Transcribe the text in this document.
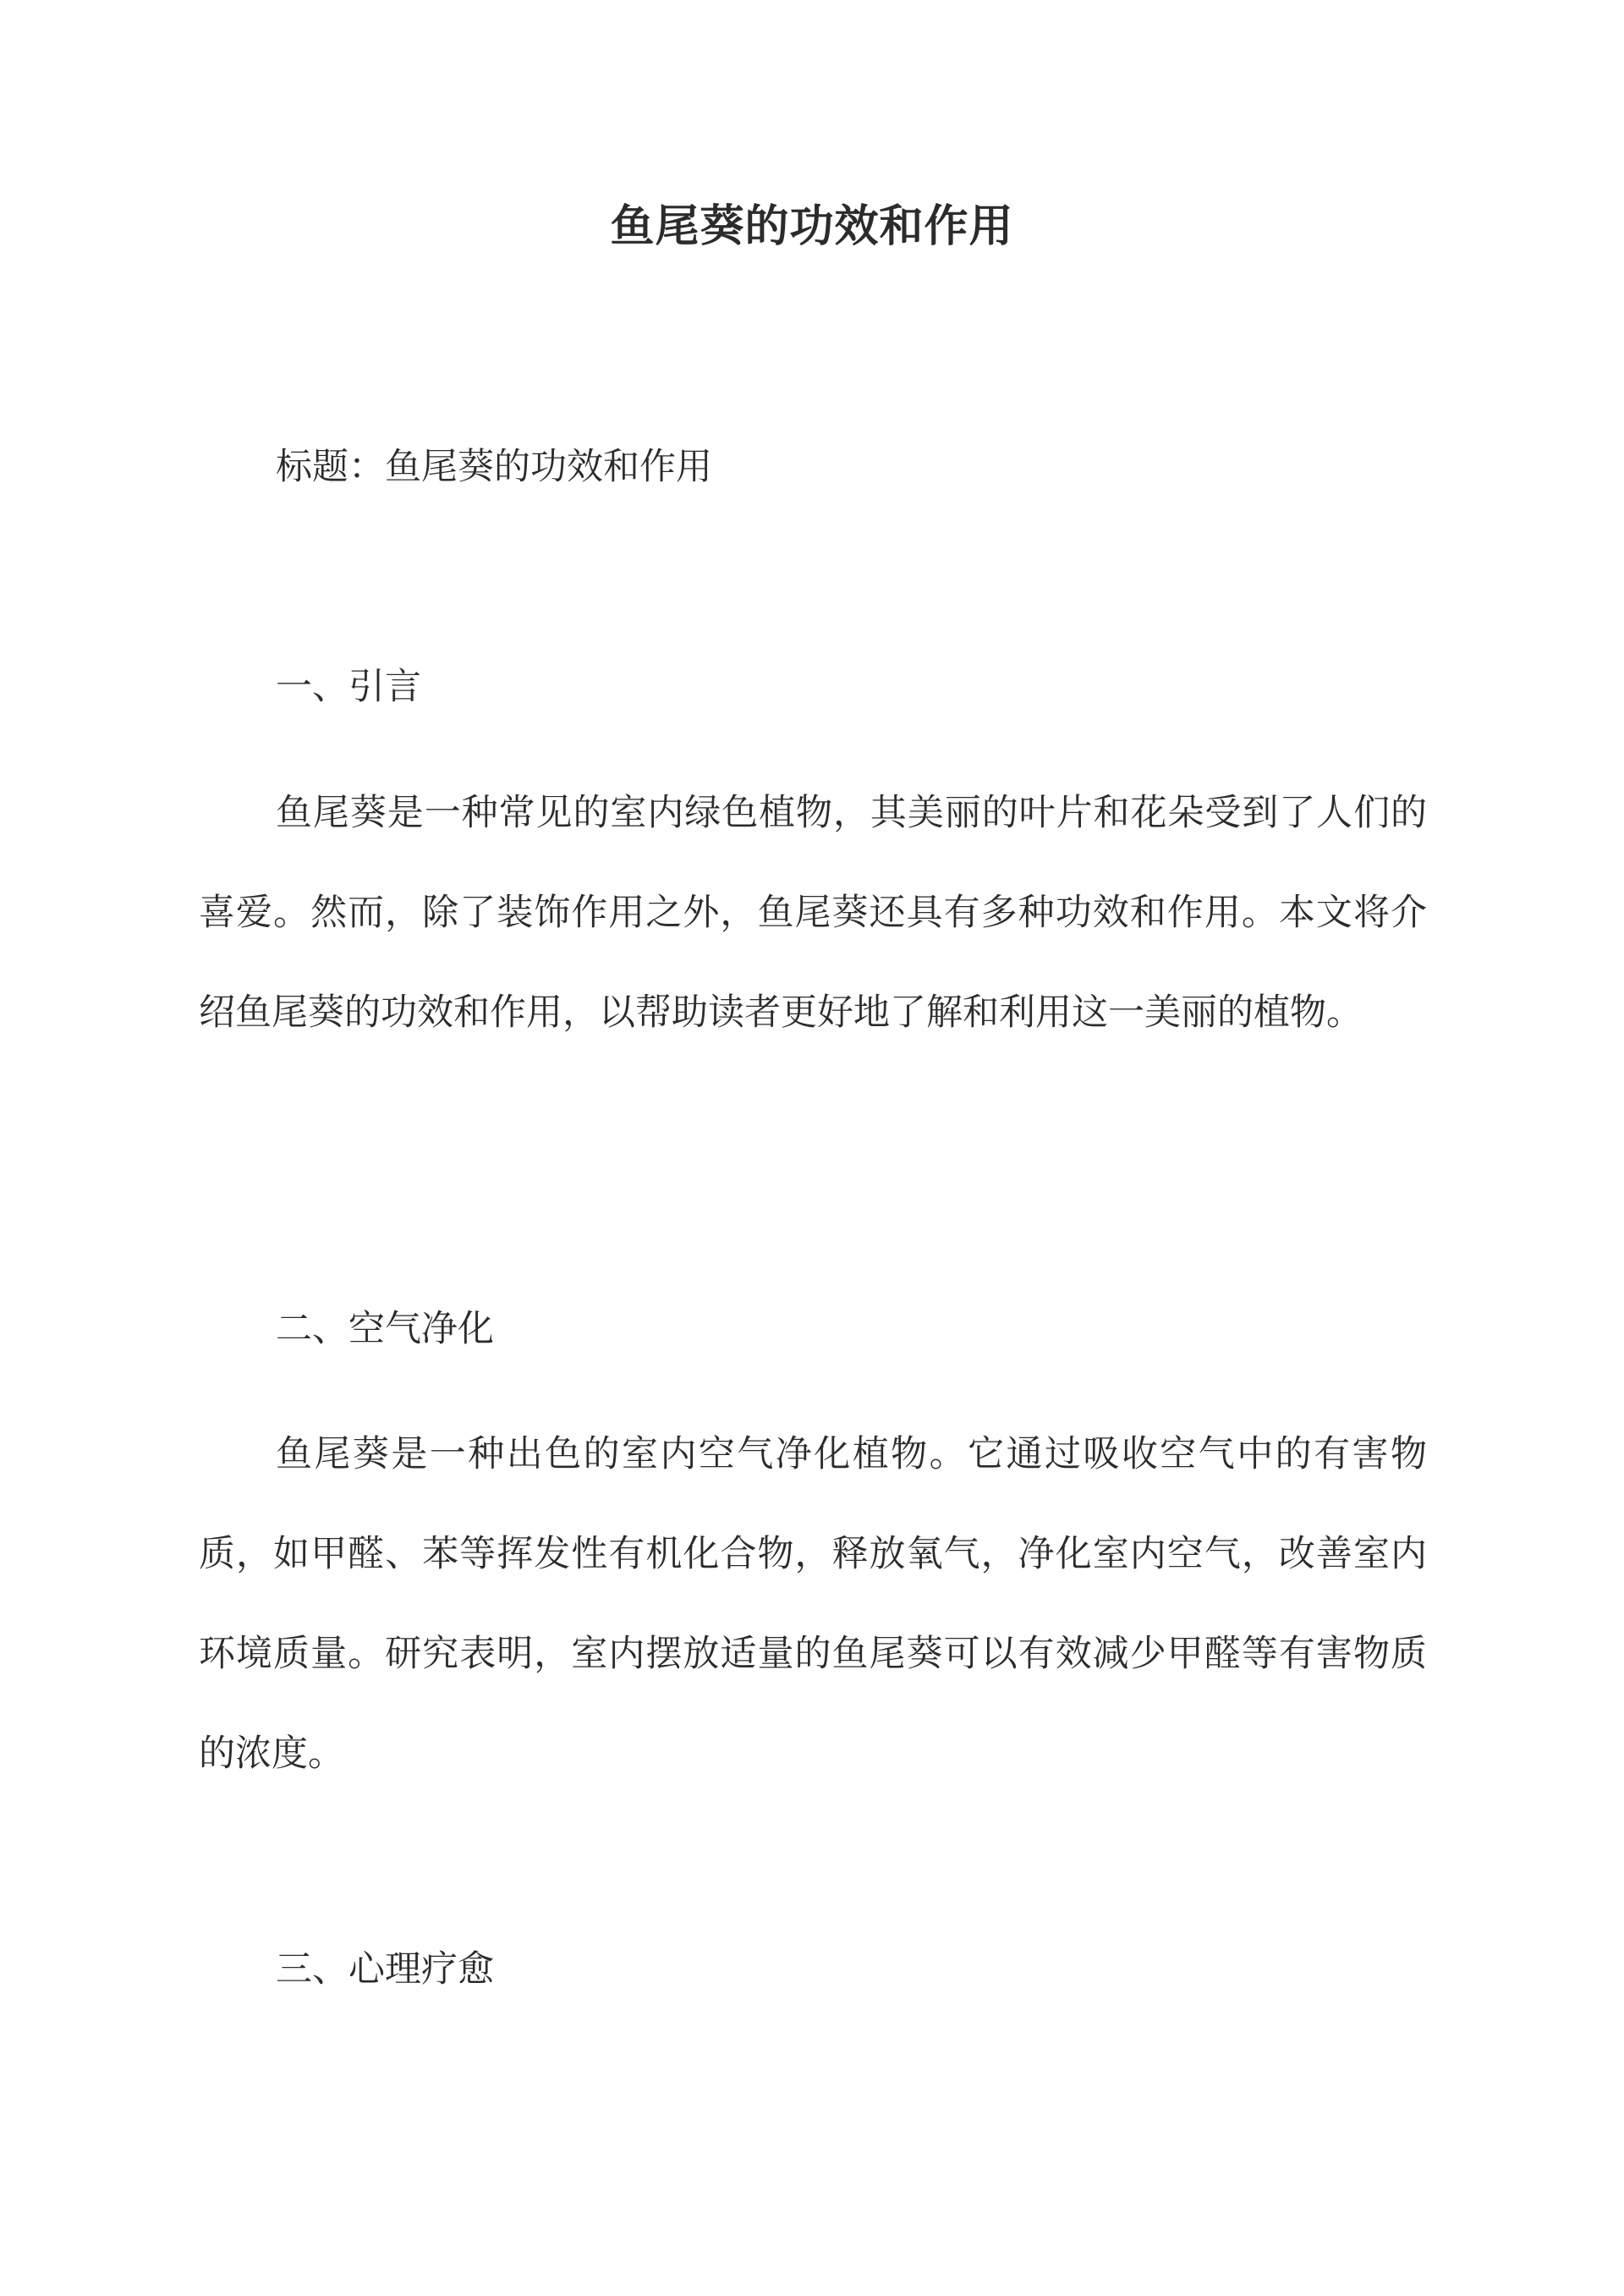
鱼尾葵的功效和作用

标题：鱼尾葵的功效和作用

一、引言

鱼尾葵是一种常见的室内绿色植物，其美丽的叶片和花朵受到了人们的喜爱。然而，除了装饰作用之外，鱼尾葵还具有多种功效和作用。本文将介绍鱼尾葵的功效和作用，以帮助读者更好地了解和利用这一美丽的植物。

二、空气净化

鱼尾葵是一种出色的室内空气净化植物。它通过吸收空气中的有害物质，如甲醛、苯等挥发性有机化合物，释放氧气，净化室内空气，改善室内环境质量。研究表明，室内摆放适量的鱼尾葵可以有效减少甲醛等有害物质的浓度。

三、心理疗愈
